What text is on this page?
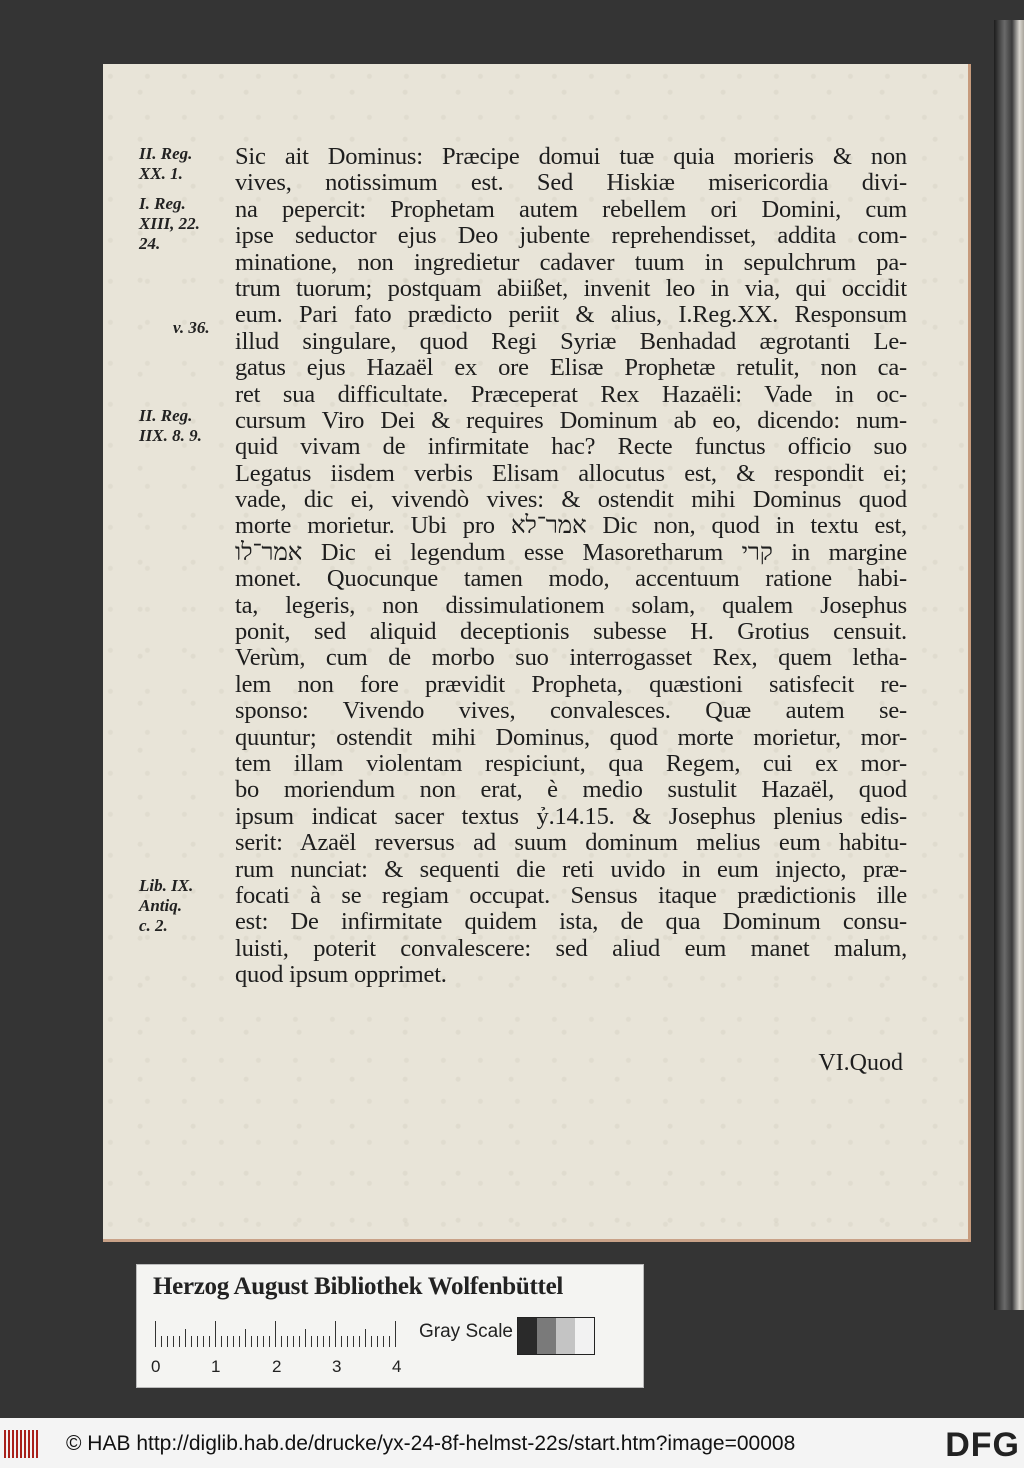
II. Reg.
XX. 1.
I. Reg.
XIII, 22.
24.
v. 36.
II. Reg.
IIX. 8. 9.
Lib. IX.
Antiq.
c. 2.
Sic ait Dominus: Præcipe domui tuæ quia morieris & non
vives, notissimum est. Sed Hiskiæ misericordia divi-
na pepercit: Prophetam autem rebellem ori Domini, cum
ipse seductor ejus Deo jubente reprehendisset, addita com-
minatione, non ingredietur cadaver tuum in sepulchrum pa-
trum tuorum; postquam abiißet, invenit leo in via, qui occidit
eum. Pari fato prædicto periit & alius, I.Reg.XX. Responsum
illud singulare, quod Regi Syriæ Benhadad ægrotanti Le-
gatus ejus Hazaël ex ore Elisæ Prophetæ retulit, non ca-
ret sua difficultate. Præceperat Rex Hazaëli: Vade in oc-
cursum Viro Dei & requires Dominum ab eo, dicendo: num-
quid vivam de infirmitate hac? Recte functus officio suo
Legatus iisdem verbis Elisam allocutus est, & respondit ei;
vade, dic ei, vivendò vives: & ostendit mihi Dominus quod
morte morietur. Ubi pro אמר־לא Dic non, quod in textu est,
אמר־לו Dic ei legendum esse Masoretharum קרי in margine
monet. Quocunque tamen modo, accentuum ratione habi-
ta, legeris, non dissimulationem solam, qualem Josephus
ponit, sed aliquid deceptionis subesse H. Grotius censuit.
Verùm, cum de morbo suo interrogasset Rex, quem letha-
lem non fore prævidit Propheta, quæstioni satisfecit re-
sponso: Vivendo vives, convalesces. Quæ autem se-
quuntur; ostendit mihi Dominus, quod morte morietur, mor-
tem illam violentam respiciunt, qua Regem, cui ex mor-
bo moriendum non erat, è medio sustulit Hazaël, quod
ipsum indicat sacer textus ỷ.14.15. & Josephus plenius edis-
serit: Azaël reversus ad suum dominum melius eum habitu-
rum nunciat: & sequenti die reti uvido in eum injecto, præ-
focati à se regiam occupat. Sensus itaque prædictionis ille
est: De infirmitate quidem ista, de qua Dominum consu-
luisti, poterit convalescere: sed aliud eum manet malum,
quod ipsum opprimet.
VI.Quod
Herzog August Bibliothek Wolfenbüttel
0	1	2	3	4
Gray Scale
© HAB http://diglib.hab.de/drucke/yx-24-8f-helmst-22s/start.htm?image=00008	DFG
